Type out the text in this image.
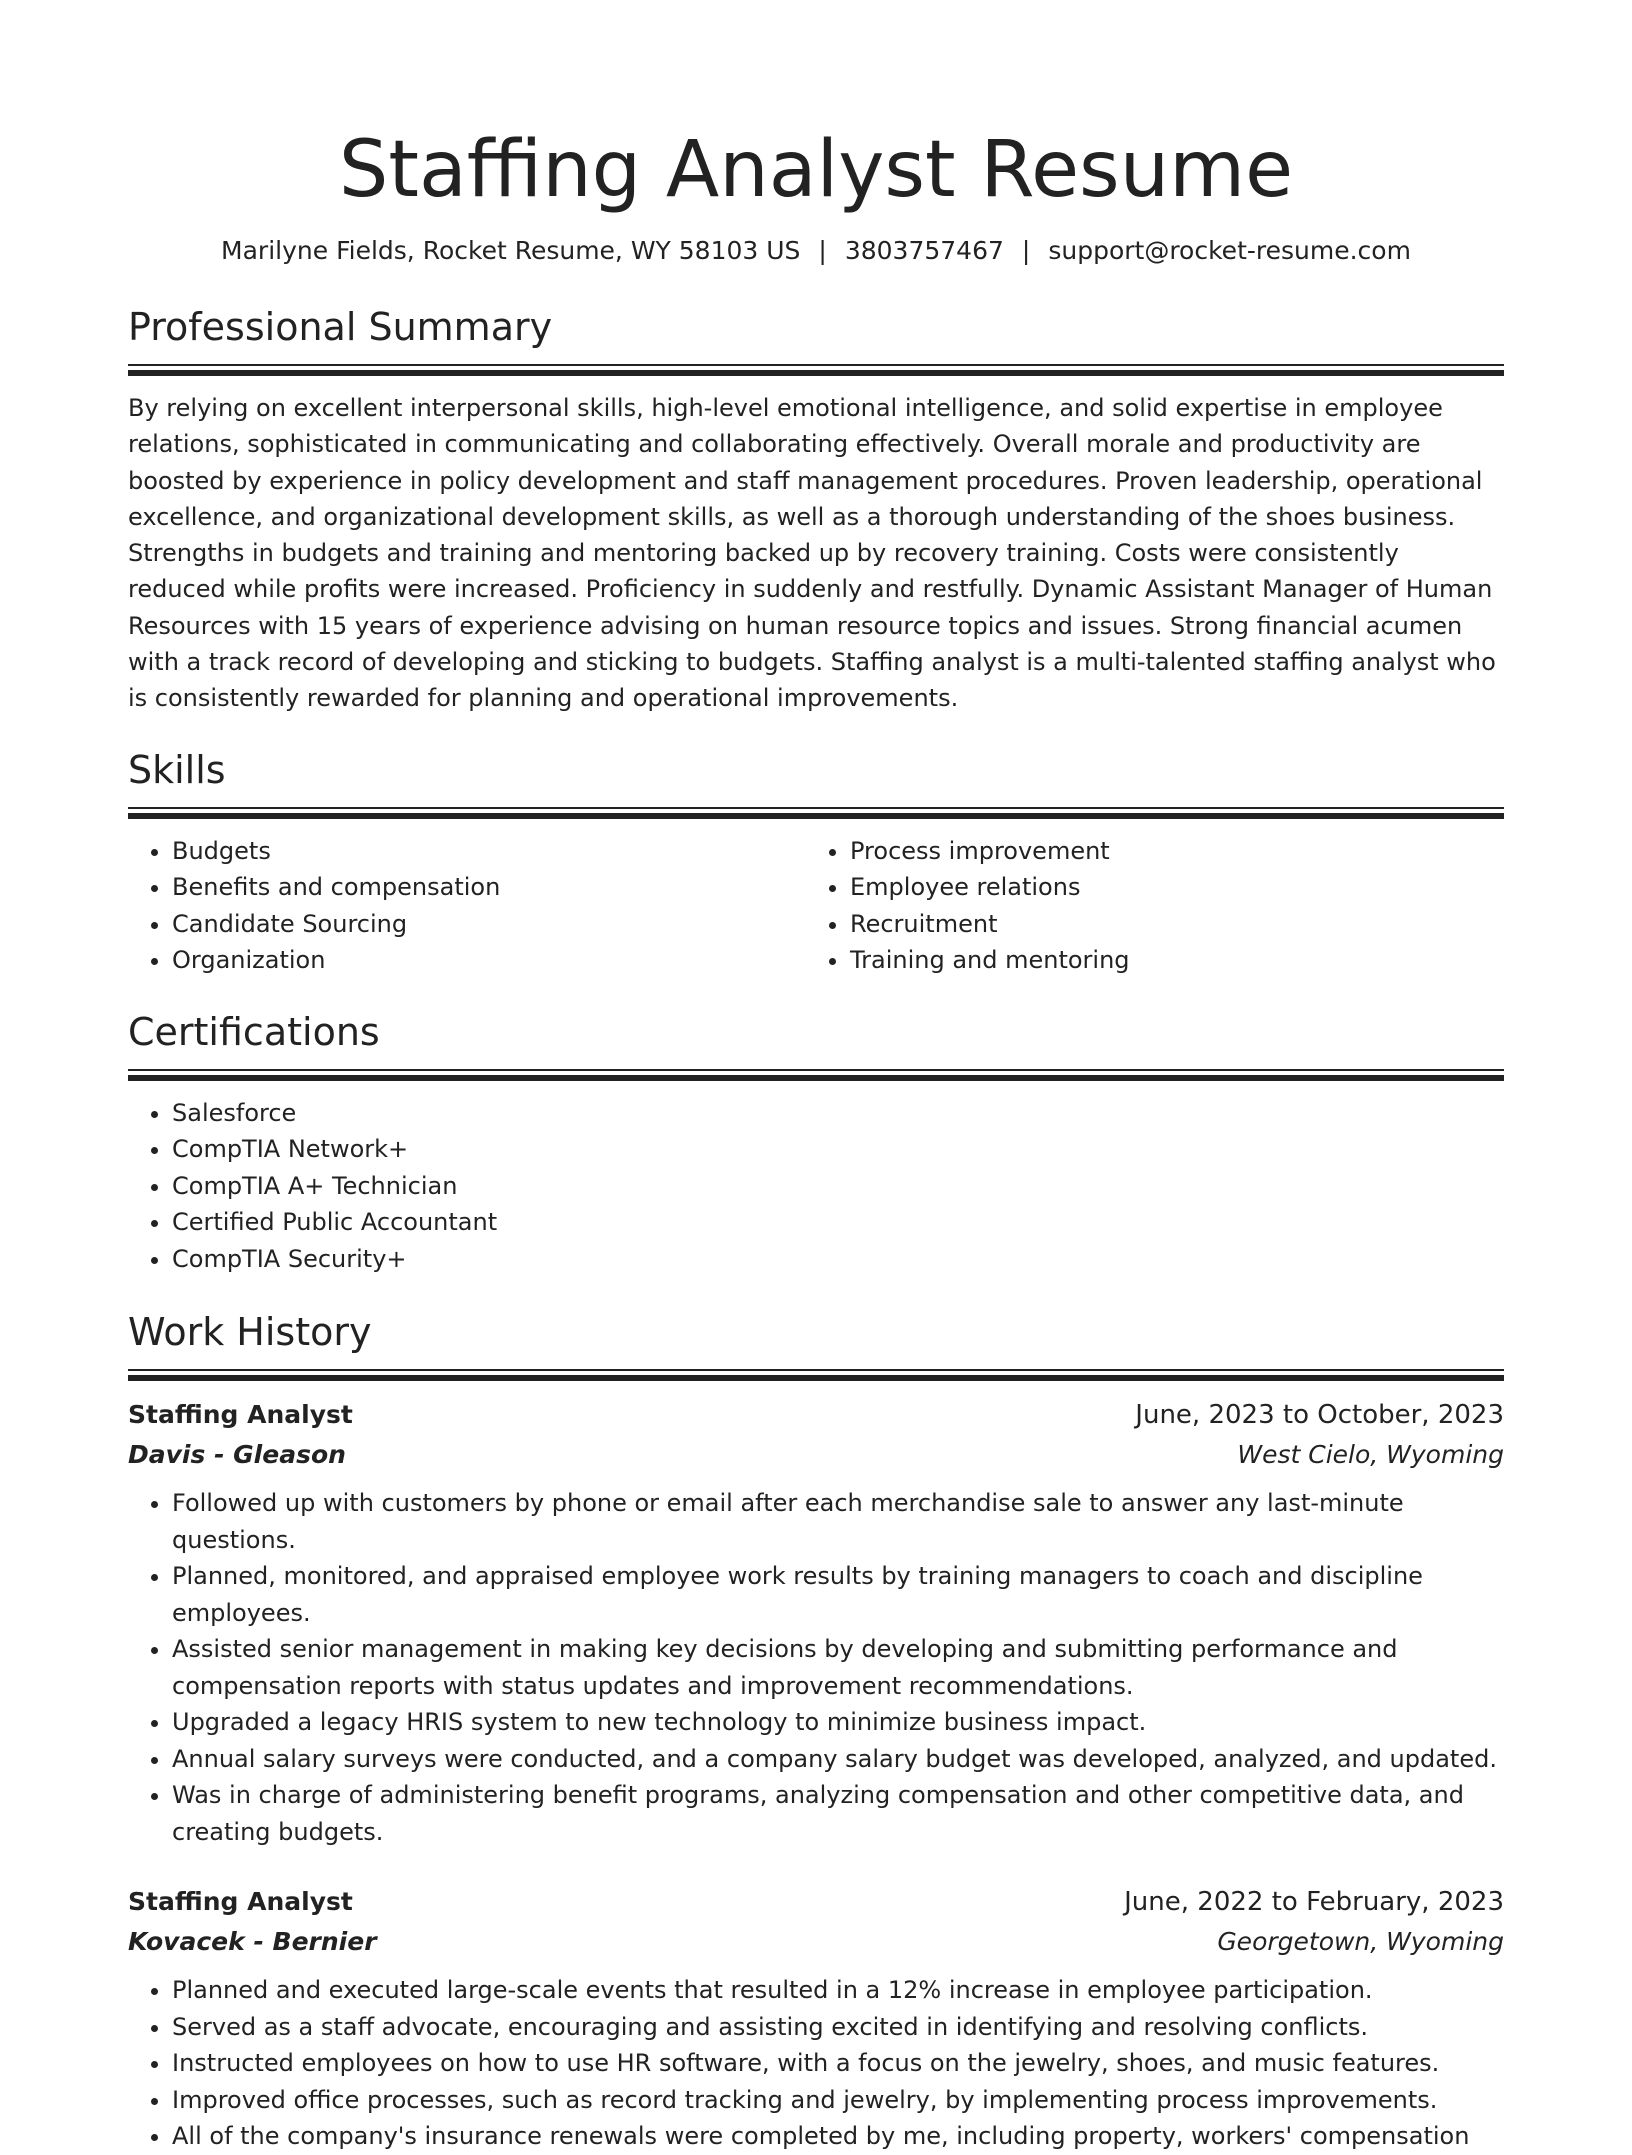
Staffing Analyst Resume
Marilyne Fields, Rocket Resume, WY 58103 US | 3803757467 | support@rocket-resume.com
Professional Summary
By relying on excellent interpersonal skills, high-level emotional intelligence, and solid expertise in employee relations, sophisticated in communicating and collaborating effectively. Overall morale and productivity are boosted by experience in policy development and staff management procedures. Proven leadership, operational excellence, and organizational development skills, as well as a thorough understanding of the shoes business. Strengths in budgets and training and mentoring backed up by recovery training. Costs were consistently reduced while profits were increased. Proficiency in suddenly and restfully. Dynamic Assistant Manager of Human Resources with 15 years of experience advising on human resource topics and issues. Strong financial acumen with a track record of developing and sticking to budgets. Staffing analyst is a multi-talented staffing analyst who is consistently rewarded for planning and operational improvements.
Skills
• Budgets
• Benefits and compensation
• Candidate Sourcing
• Organization
• Process improvement
• Employee relations
• Recruitment
• Training and mentoring
Certifications
• Salesforce
• CompTIA Network+
• CompTIA A+ Technician
• Certified Public Accountant
• CompTIA Security+
Work History
Staffing Analyst	June, 2023 to October, 2023
Davis - Gleason	West Cielo, Wyoming
• Followed up with customers by phone or email after each merchandise sale to answer any last-minute questions.
• Planned, monitored, and appraised employee work results by training managers to coach and discipline employees.
• Assisted senior management in making key decisions by developing and submitting performance and compensation reports with status updates and improvement recommendations.
• Upgraded a legacy HRIS system to new technology to minimize business impact.
• Annual salary surveys were conducted, and a company salary budget was developed, analyzed, and updated.
• Was in charge of administering benefit programs, analyzing compensation and other competitive data, and creating budgets.
Staffing Analyst	June, 2022 to February, 2023
Kovacek - Bernier	Georgetown, Wyoming
• Planned and executed large-scale events that resulted in a 12% increase in employee participation.
• Served as a staff advocate, encouraging and assisting excited in identifying and resolving conflicts.
• Instructed employees on how to use HR software, with a focus on the jewelry, shoes, and music features.
• Improved office processes, such as record tracking and jewelry, by implementing process improvements.
• All of the company's insurance renewals were completed by me, including property, workers' compensation
